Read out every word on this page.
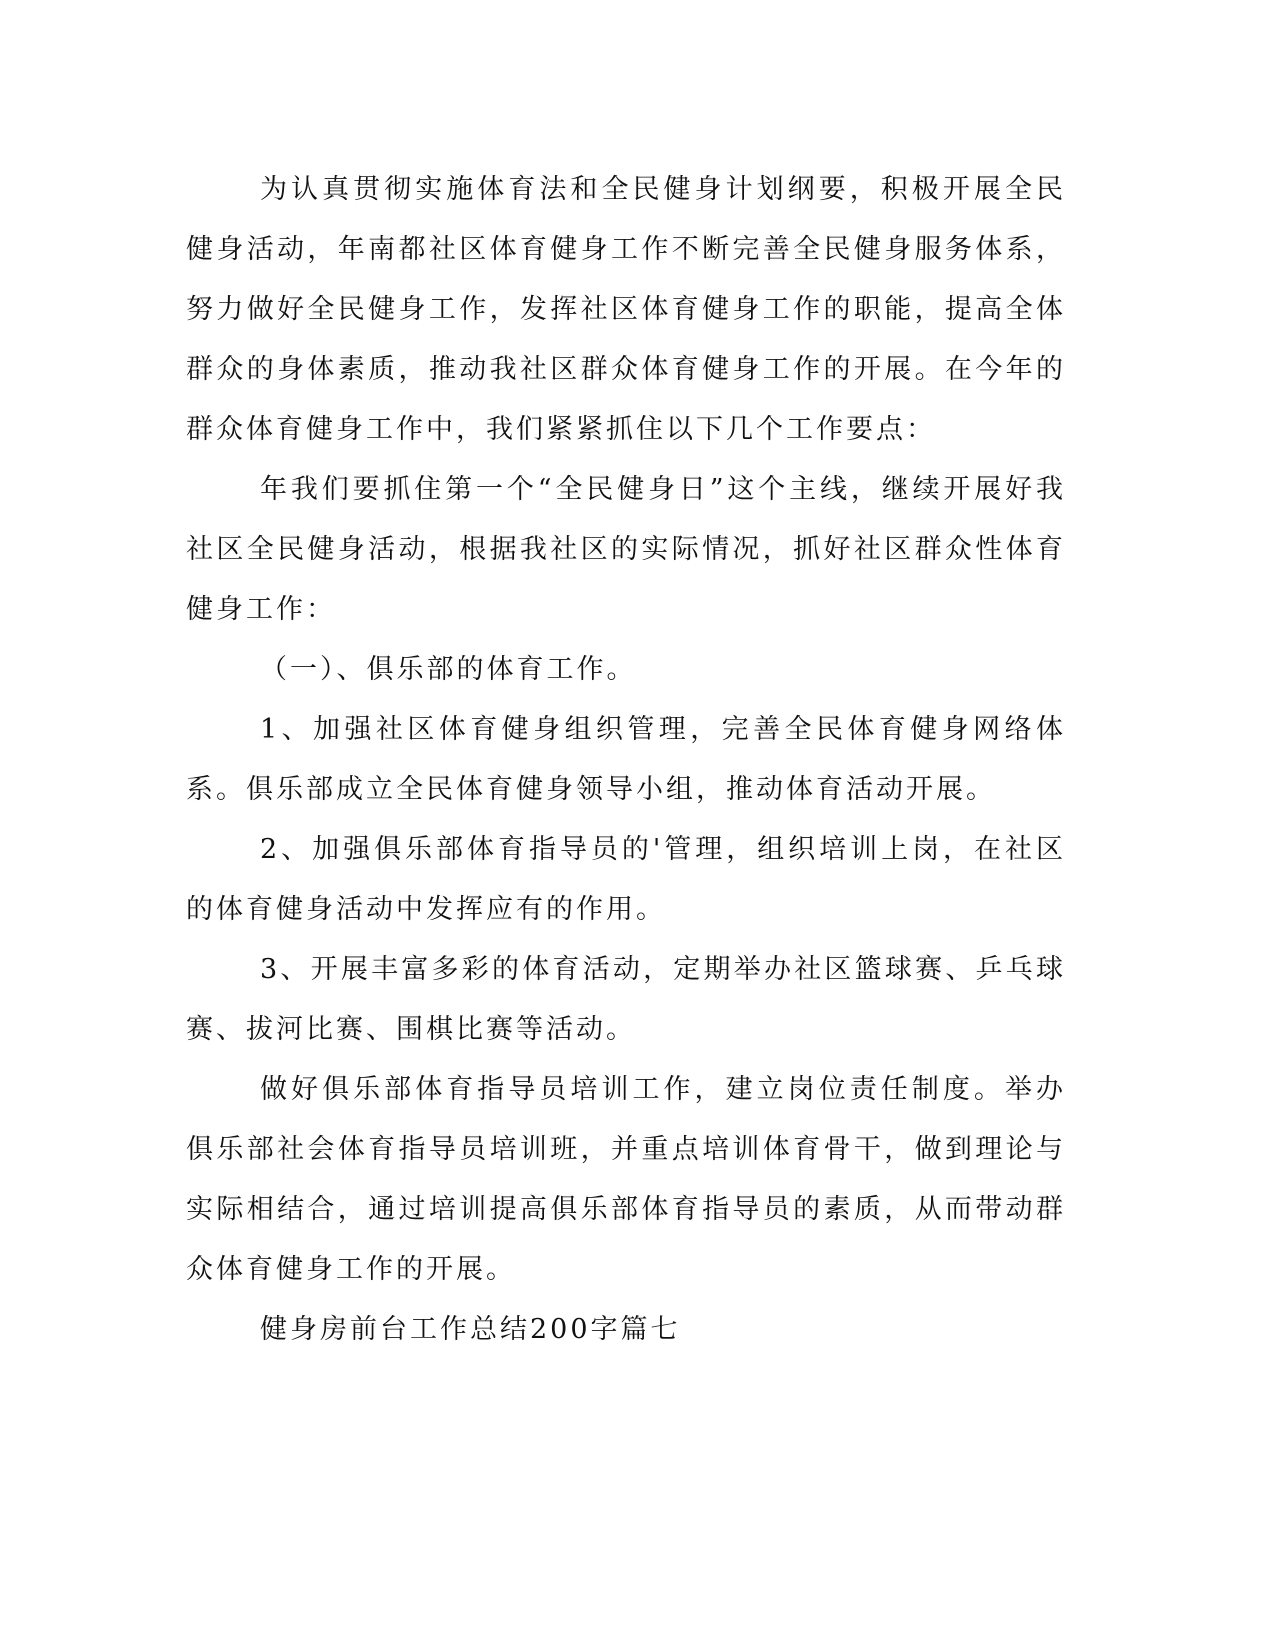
为认真贯彻实施体育法和全民健身计划纲要，积极开展全民健身活动，年南都社区体育健身工作不断完善全民健身服务体系，努力做好全民健身工作，发挥社区体育健身工作的职能，提高全体群众的身体素质，推动我社区群众体育健身工作的开展。在今年的群众体育健身工作中，我们紧紧抓住以下几个工作要点：

年我们要抓住第一个“全民健身日”这个主线，继续开展好我社区全民健身活动，根据我社区的实际情况，抓好社区群众性体育健身工作：

（一）、俱乐部的体育工作。

1、加强社区体育健身组织管理，完善全民体育健身网络体系。俱乐部成立全民体育健身领导小组，推动体育活动开展。

2、加强俱乐部体育指导员的'管理，组织培训上岗，在社区的体育健身活动中发挥应有的作用。

3、开展丰富多彩的体育活动，定期举办社区篮球赛、乒乓球赛、拔河比赛、围棋比赛等活动。

做好俱乐部体育指导员培训工作，建立岗位责任制度。举办俱乐部社会体育指导员培训班，并重点培训体育骨干，做到理论与实际相结合，通过培训提高俱乐部体育指导员的素质，从而带动群众体育健身工作的开展。

健身房前台工作总结200字篇七
